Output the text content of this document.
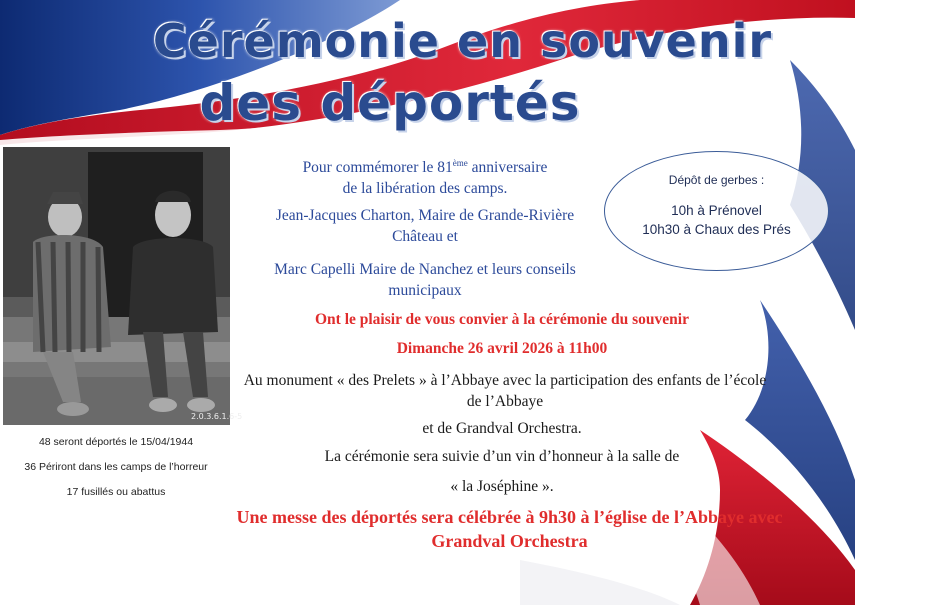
Cérémonie en souvenir
des déportés
2.0.3.6.1.6-5
48 seront déportés le 15/04/1944
36 Périront dans les camps de l’horreur
17 fusillés ou abattus
Pour commémorer le 81ème anniversaire
de la libération des camps.
Jean-Jacques Charton, Maire de Grande-Rivière Château et
Marc Capelli Maire de Nanchez et leurs conseils municipaux
Dépôt de gerbes :
10h à Prénovel
10h30 à Chaux des Prés
Ont le plaisir de vous convier à la cérémonie du souvenir
Dimanche 26 avril 2026 à 11h00
Au monument « des Prelets » à l’Abbaye avec la participation des enfants de l’école de l’Abbaye
et de Grandval Orchestra.
La cérémonie sera suivie d’un vin d’honneur à la salle de
« la Joséphine ».
Une messe des déportés sera célébrée à 9h30 à l’église de l’Abbaye avec Grandval Orchestra
